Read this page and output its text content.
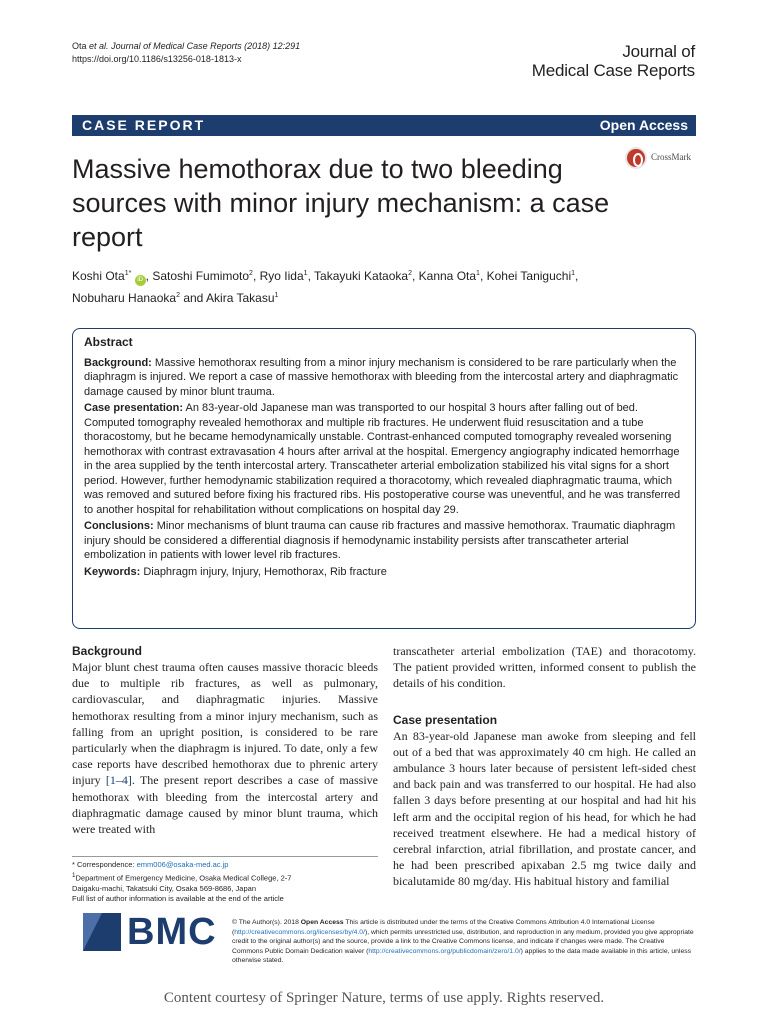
Ota et al. Journal of Medical Case Reports (2018) 12:291
https://doi.org/10.1186/s13256-018-1813-x	Journal of
Medical Case Reports
CASE REPORT	Open Access
Massive hemothorax due to two bleeding sources with minor injury mechanism: a case report
CrossMark
Koshi Ota$^{1*}$ iD , Satoshi Fumimoto$^2$, Ryo Iida$^1$, Takayuki Kataoka$^2$, Kanna Ota$^1$, Kohei Taniguchi$^1$,
Nobuharu Hanaoka$^2$ and Akira Takasu$^1$
Abstract

Background: Massive hemothorax resulting from a minor injury mechanism is considered to be rare particularly when the diaphragm is injured. We report a case of massive hemothorax with bleeding from the intercostal artery and diaphragmatic damage caused by minor blunt trauma.

Case presentation: An 83-year-old Japanese man was transported to our hospital 3 hours after falling out of bed. Computed tomography revealed hemothorax and multiple rib fractures. He underwent fluid resuscitation and a tube thoracostomy, but he became hemodynamically unstable. Contrast-enhanced computed tomography revealed worsening hemothorax with contrast extravasation 4 hours after arrival at the hospital. Emergency angiography indicated hemorrhage in the area supplied by the tenth intercostal artery. Transcatheter arterial embolization stabilized his vital signs for a short period. However, further hemodynamic stabilization required a thoracotomy, which revealed diaphragmatic trauma, which was removed and sutured before fixing his fractured ribs. His postoperative course was uneventful, and he was transferred to another hospital for rehabilitation without complications on hospital day 29.

Conclusions: Minor mechanisms of blunt trauma can cause rib fractures and massive hemothorax. Traumatic diaphragm injury should be considered a differential diagnosis if hemodynamic instability persists after transcatheter arterial embolization in patients with lower level rib fractures.

Keywords: Diaphragm injury, Injury, Hemothorax, Rib fracture

Background
Major blunt chest trauma often causes massive thoracic bleeds due to multiple rib fractures, as well as pulmonary, cardiovascular, and diaphragmatic injuries. Massive hemothorax resulting from a minor injury mechanism, such as falling from an upright position, is considered to be rare particularly when the diaphragm is injured. To date, only a few case reports have described hemothorax due to phrenic artery injury [1–4]. The present report describes a case of massive hemothorax with bleeding from the intercostal artery and diaphragmatic damage caused by minor blunt trauma, which were treated with
transcatheter arterial embolization (TAE) and thoracotomy. The patient provided written, informed consent to publish the details of his condition.
Case presentation
An 83-year-old Japanese man awoke from sleeping and fell out of a bed that was approximately 40 cm high. He called an ambulance 3 hours later because of persistent left-sided chest and back pain and was transferred to our hospital. He had also fallen 3 days before presenting at our hospital and had hit his left arm and the occipital region of his head, for which he had received treatment elsewhere. He had a medical history of cerebral infarction, atrial fibrillation, and prostate cancer, and he had been prescribed apixaban 2.5 mg twice daily and bicalutamide 80 mg/day. His habitual history and familial
* Correspondence: emm006@osaka-med.ac.jp
$^1$Department of Emergency Medicine, Osaka Medical College, 2-7
Daigaku-machi, Takatsuki City, Osaka 569-8686, Japan
Full list of author information is available at the end of the article
BMC © The Author(s). 2018 Open Access This article is distributed under the terms of the Creative Commons Attribution 4.0 International License (http://creativecommons.org/licenses/by/4.0/), which permits unrestricted use, distribution, and reproduction in any medium, provided you give appropriate credit to the original author(s) and the source, provide a link to the Creative Commons license, and indicate if changes were made. The Creative Commons Public Domain Dedication waiver (http://creativecommons.org/publicdomain/zero/1.0/) applies to the data made available in this article, unless otherwise stated.
Content courtesy of Springer Nature, terms of use apply. Rights reserved.
